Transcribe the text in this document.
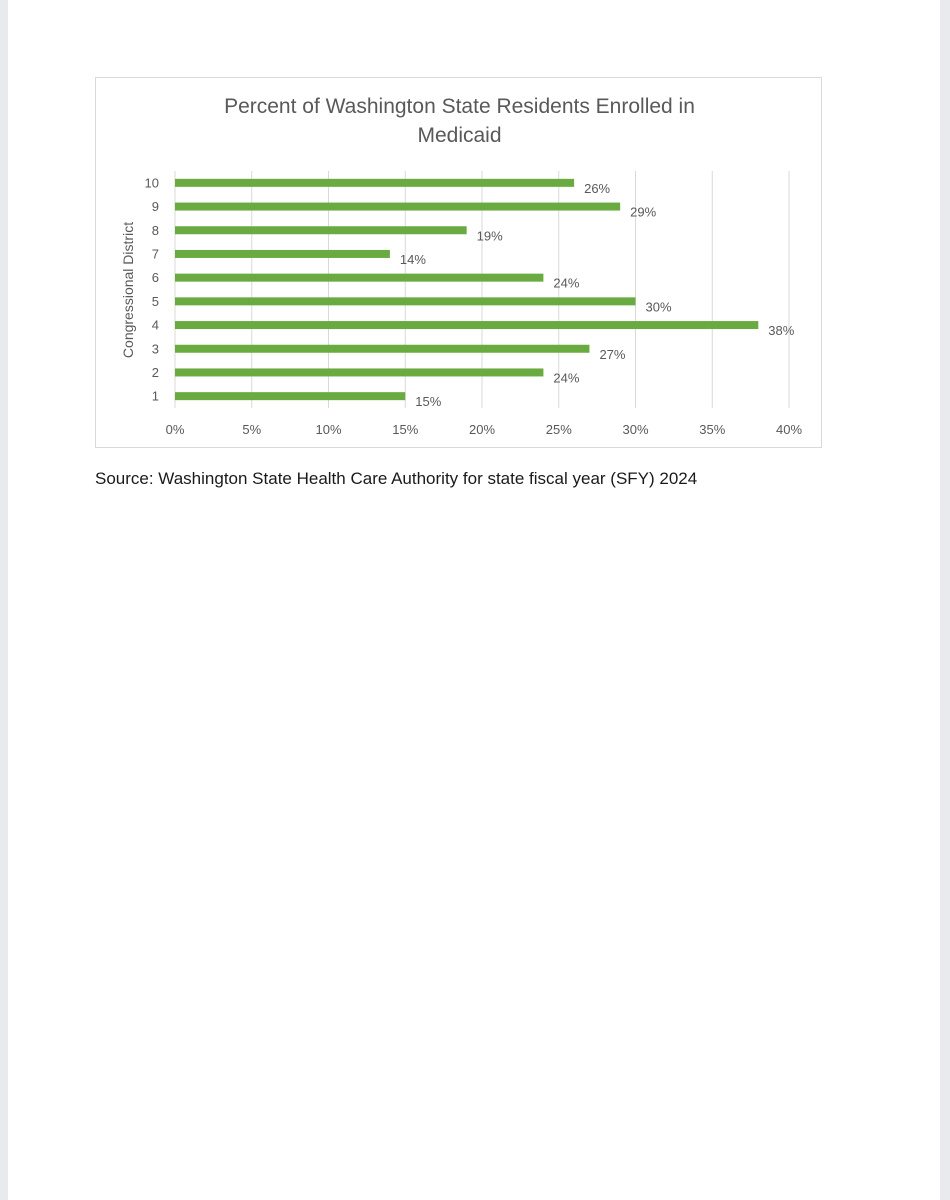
Percent of Washington State Residents Enrolled in
Medicaid
0%	5%	10%	15%	20%	25%	30%	35%	40%
1	15%
2	24%
3	27%
4	38%
5	30%
6	24%
7	14%
8	19%
9	29%
10	26%
Congressional District
Source: Washington State Health Care Authority for state fiscal year (SFY) 2024
